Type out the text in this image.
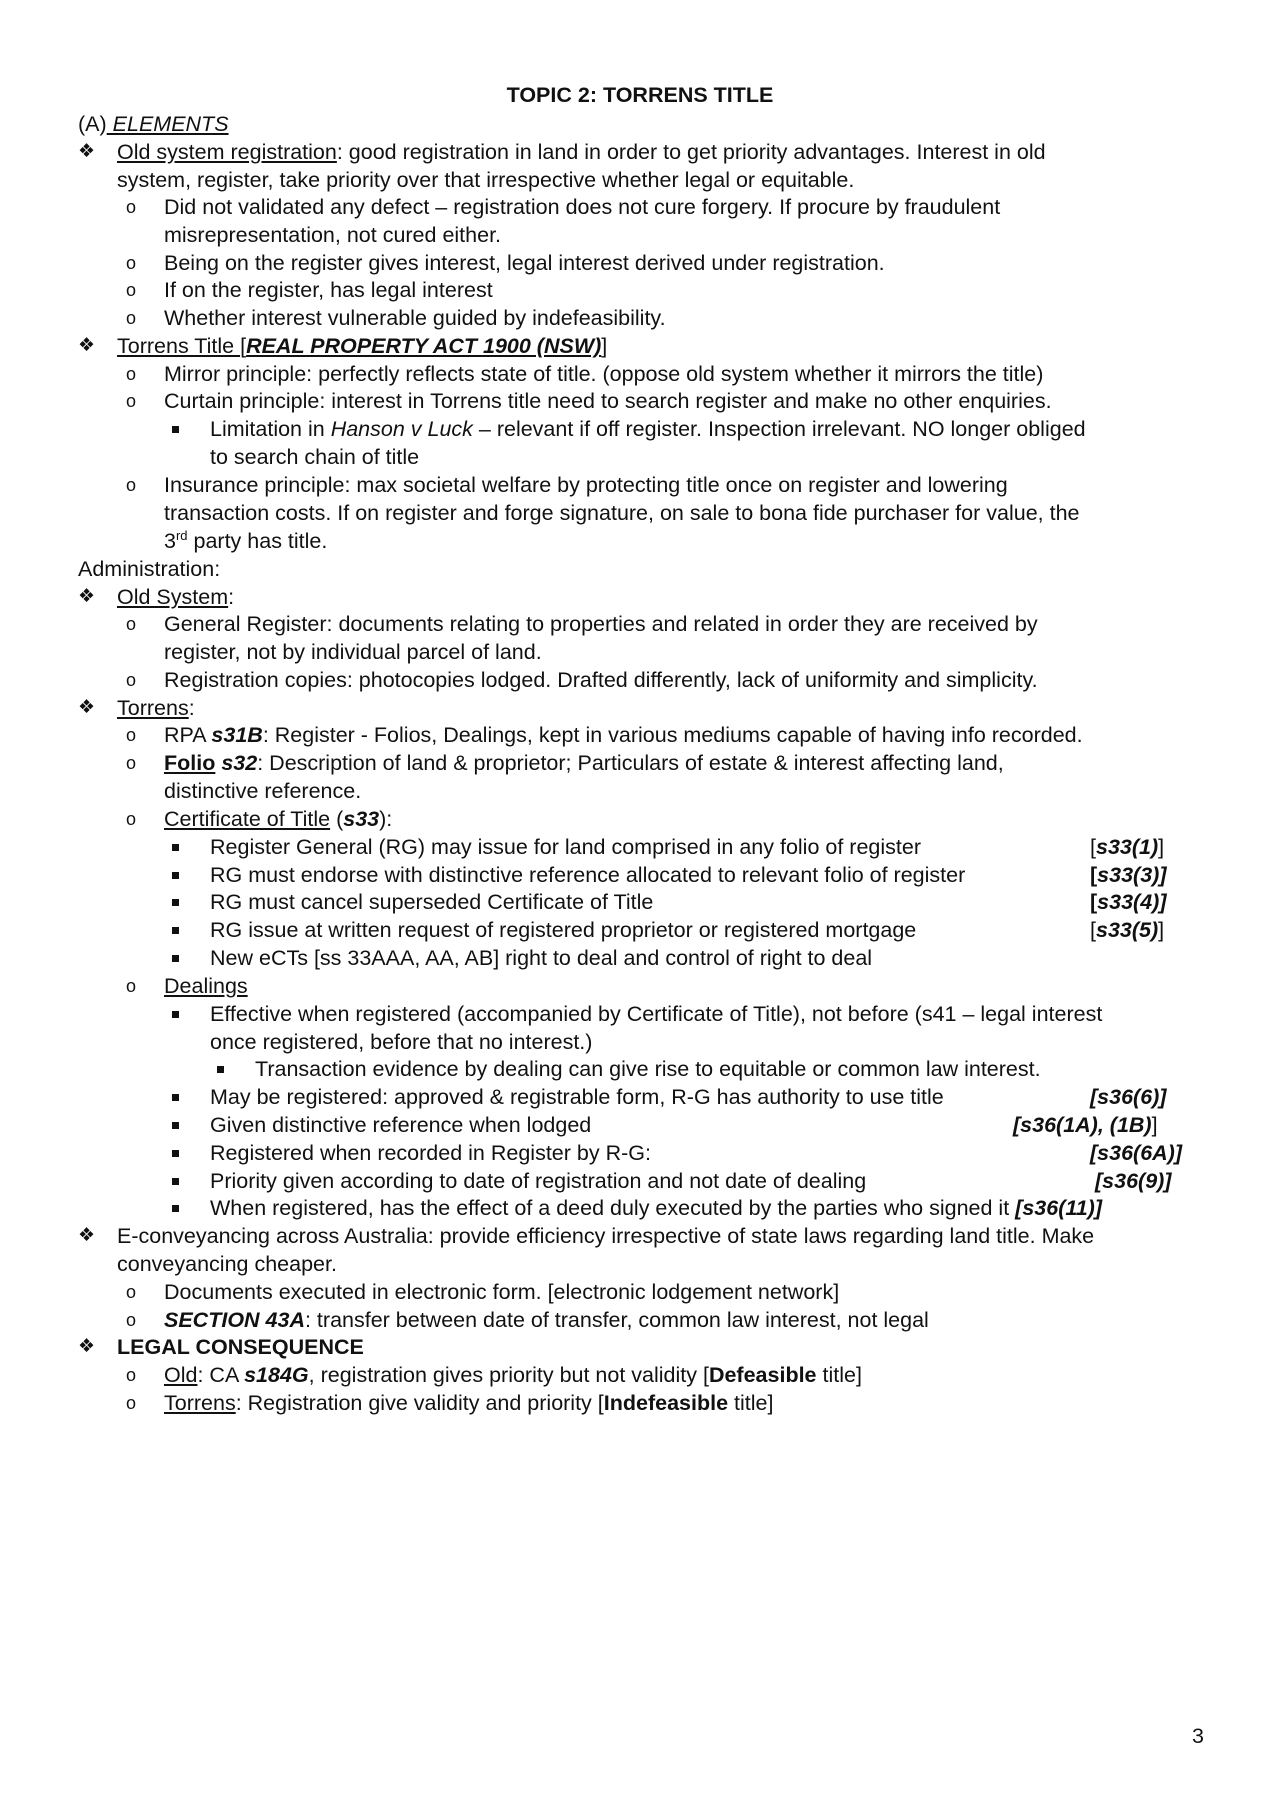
TOPIC 2: TORRENS TITLE
(A) ELEMENTS
❖ Old system registration: good registration in land in order to get priority advantages. Interest in old
system, register, take priority over that irrespective whether legal or equitable.
o Did not validated any defect – registration does not cure forgery. If procure by fraudulent
misrepresentation, not cured either.
o Being on the register gives interest, legal interest derived under registration.
o If on the register, has legal interest
o Whether interest vulnerable guided by indefeasibility.
❖ Torrens Title [REAL PROPERTY ACT 1900 (NSW)]
o Mirror principle: perfectly reflects state of title. (oppose old system whether it mirrors the title)
o Curtain principle: interest in Torrens title need to search register and make no other enquiries.
Limitation in Hanson v Luck – relevant if off register. Inspection irrelevant. NO longer obliged
to search chain of title
o Insurance principle: max societal welfare by protecting title once on register and lowering
transaction costs. If on register and forge signature, on sale to bona fide purchaser for value, the
3rd party has title.
Administration:
❖ Old System:
o General Register: documents relating to properties and related in order they are received by
register, not by individual parcel of land.
o Registration copies: photocopies lodged. Drafted differently, lack of uniformity and simplicity.
❖ Torrens:
o RPA s31B: Register - Folios, Dealings, kept in various mediums capable of having info recorded.
o Folio s32: Description of land & proprietor; Particulars of estate & interest affecting land,
distinctive reference.
o Certificate of Title (s33):
Register General (RG) may issue for land comprised in any folio of register	[s33(1)]
RG must endorse with distinctive reference allocated to relevant folio of register	[s33(3)]
RG must cancel superseded Certificate of Title	[s33(4)]
RG issue at written request of registered proprietor or registered mortgage	[s33(5)]
New eCTs [ss 33AAA, AA, AB] right to deal and control of right to deal
o Dealings
Effective when registered (accompanied by Certificate of Title), not before (s41 – legal interest
once registered, before that no interest.)
Transaction evidence by dealing can give rise to equitable or common law interest.
May be registered: approved & registrable form, R-G has authority to use title	[s36(6)]
Given distinctive reference when lodged	[s36(1A), (1B)]
Registered when recorded in Register by R-G:	[s36(6A)]
Priority given according to date of registration and not date of dealing	[s36(9)]
When registered, has the effect of a deed duly executed by the parties who signed it [s36(11)]
❖ E-conveyancing across Australia: provide efficiency irrespective of state laws regarding land title. Make
conveyancing cheaper.
o Documents executed in electronic form. [electronic lodgement network]
o SECTION 43A: transfer between date of transfer, common law interest, not legal
❖ LEGAL CONSEQUENCE
o Old: CA s184G, registration gives priority but not validity [Defeasible title]
o Torrens: Registration give validity and priority [Indefeasible title]
3
